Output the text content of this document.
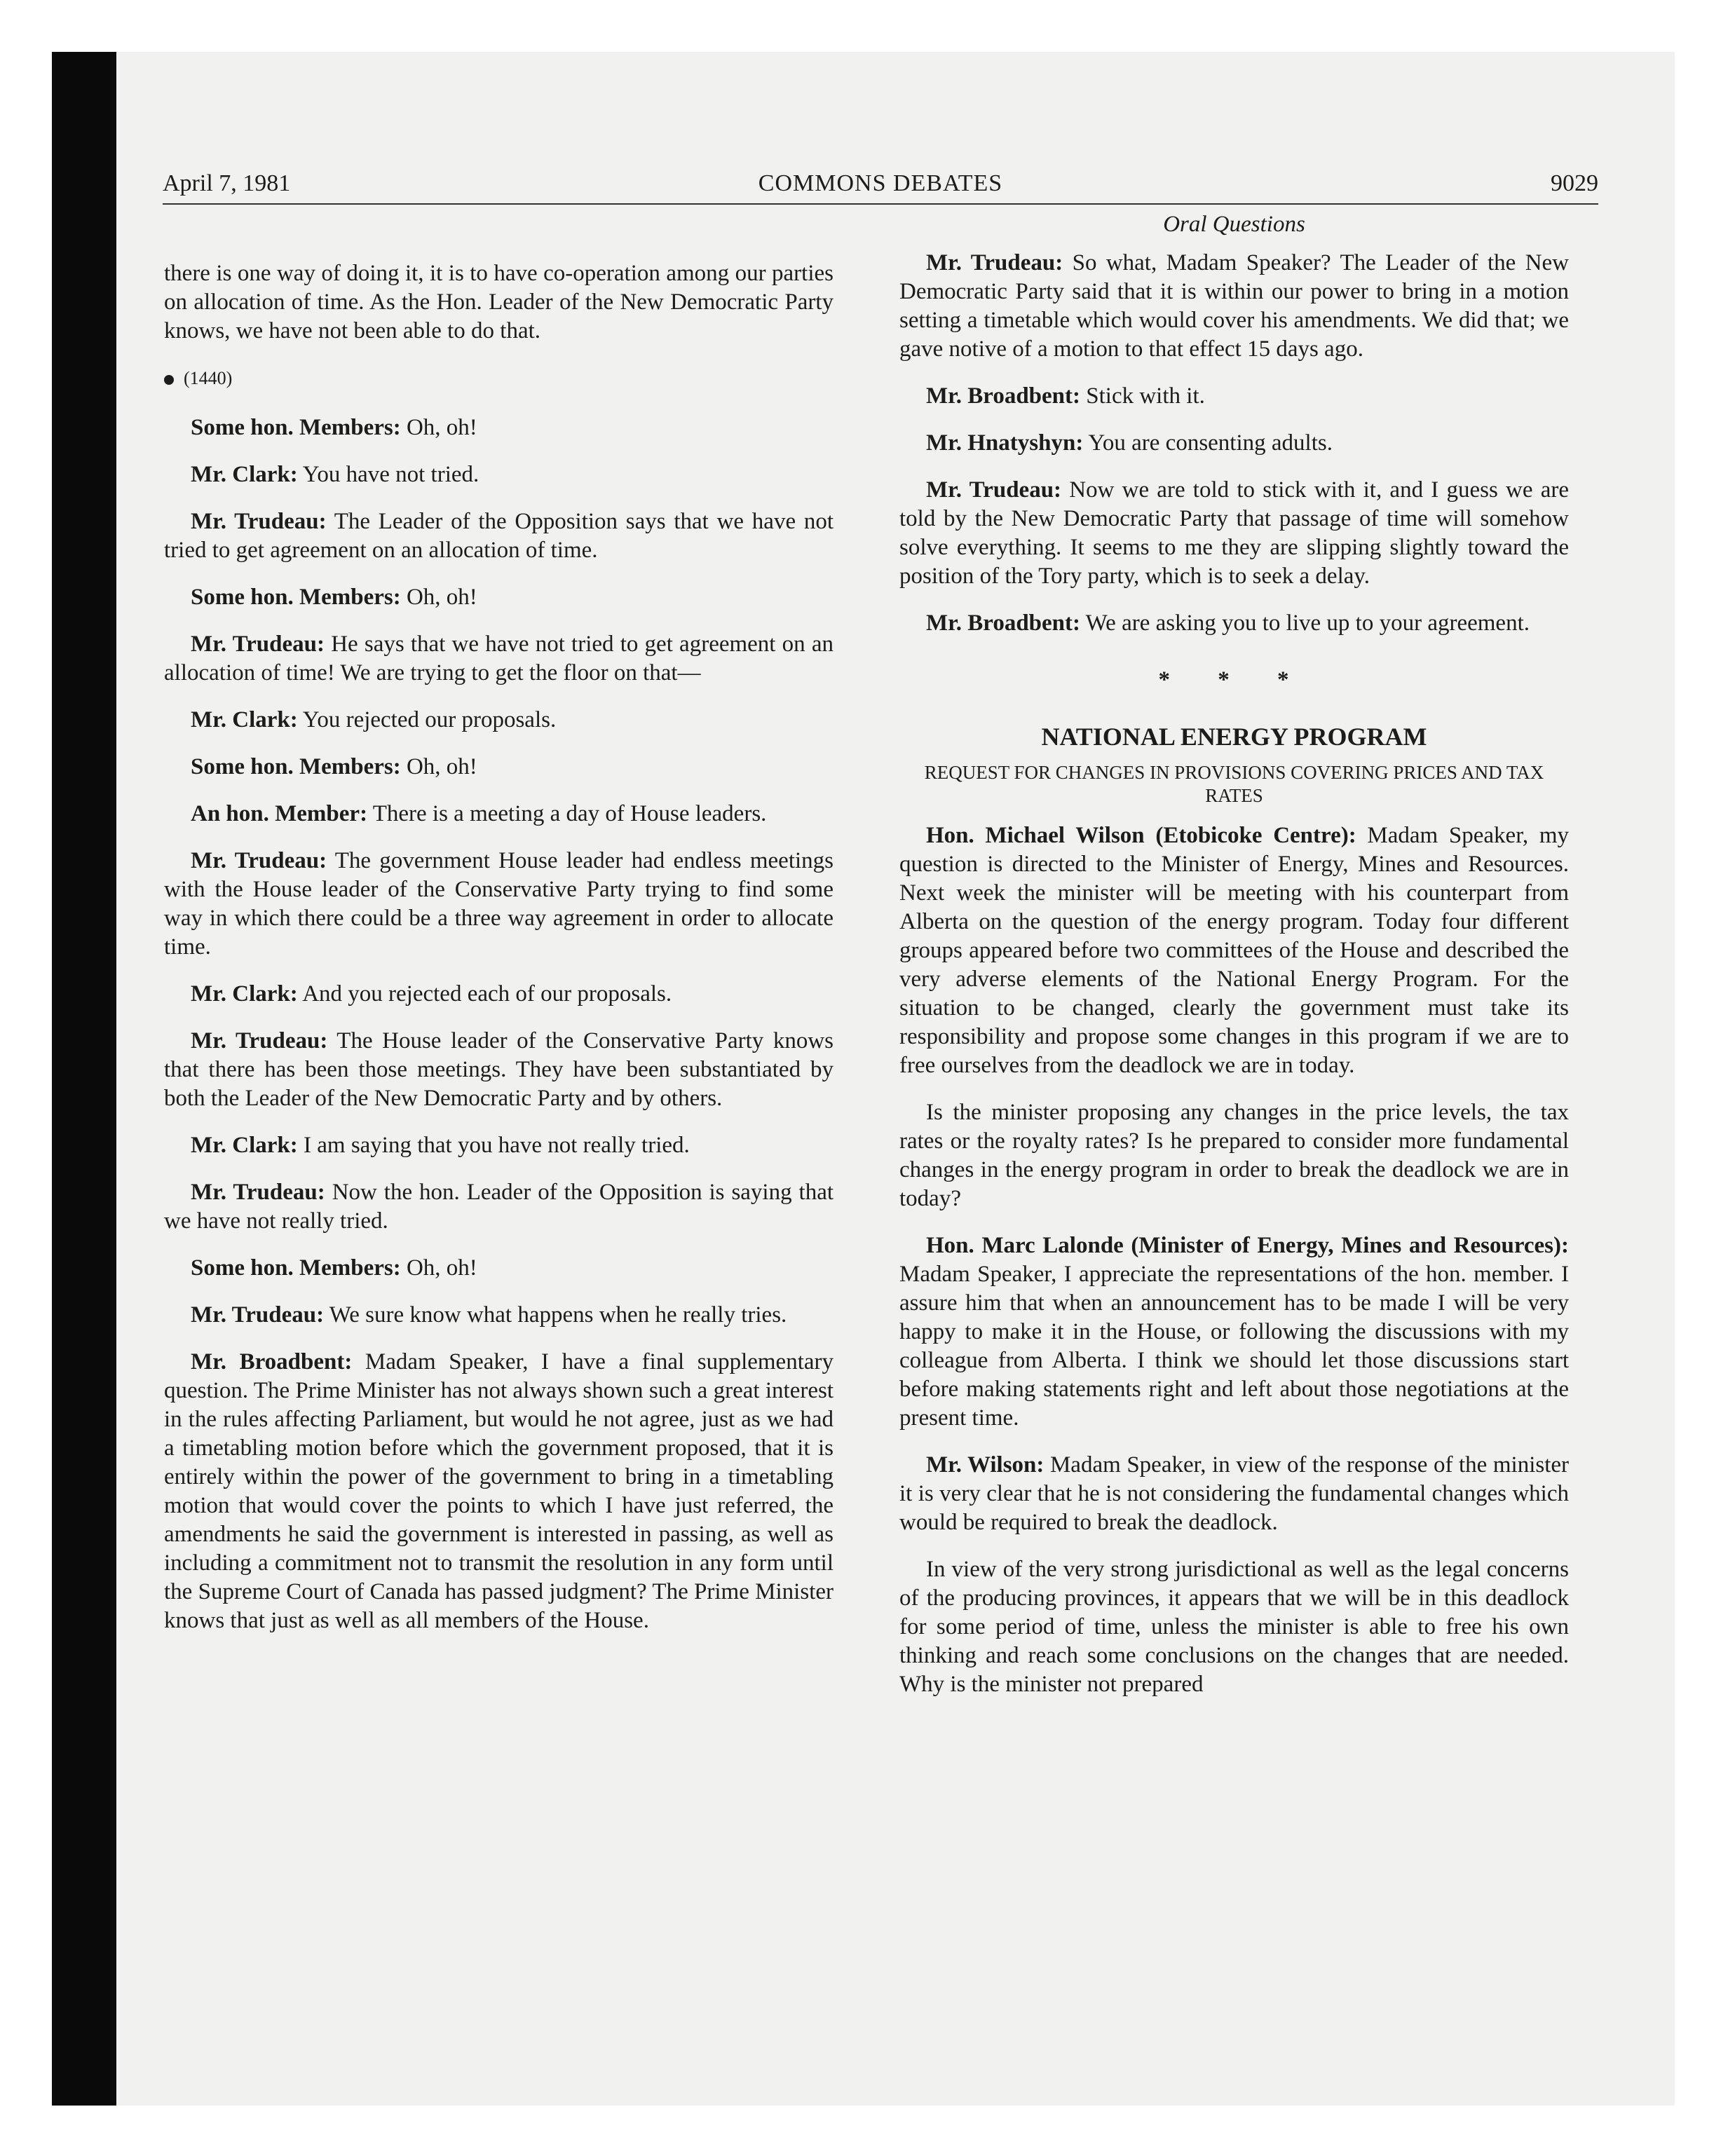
April 7, 1981	COMMONS DEBATES	9029

there is one way of doing it, it is to have co-operation among our parties on allocation of time. As the Hon. Leader of the New Democratic Party knows, we have not been able to do that.

(1440)

Some hon. Members: Oh, oh!

Mr. Clark: You have not tried.

Mr. Trudeau: The Leader of the Opposition says that we have not tried to get agreement on an allocation of time.

Some hon. Members: Oh, oh!

Mr. Trudeau: He says that we have not tried to get agreement on an allocation of time! We are trying to get the floor on that—

Mr. Clark: You rejected our proposals.

Some hon. Members: Oh, oh!

An hon. Member: There is a meeting a day of House leaders.

Mr. Trudeau: The government House leader had endless meetings with the House leader of the Conservative Party trying to find some way in which there could be a three way agreement in order to allocate time.

Mr. Clark: And you rejected each of our proposals.

Mr. Trudeau: The House leader of the Conservative Party knows that there has been those meetings. They have been substantiated by both the Leader of the New Democratic Party and by others.

Mr. Clark: I am saying that you have not really tried.

Mr. Trudeau: Now the hon. Leader of the Opposition is saying that we have not really tried.

Some hon. Members: Oh, oh!

Mr. Trudeau: We sure know what happens when he really tries.

Mr. Broadbent: Madam Speaker, I have a final supplementary question. The Prime Minister has not always shown such a great interest in the rules affecting Parliament, but would he not agree, just as we had a timetabling motion before which the government proposed, that it is entirely within the power of the government to bring in a timetabling motion that would cover the points to which I have just referred, the amendments he said the government is interested in passing, as well as including a commitment not to transmit the resolution in any form until the Supreme Court of Canada has passed judgment? The Prime Minister knows that just as well as all members of the House.

Oral Questions

Mr. Trudeau: So what, Madam Speaker? The Leader of the New Democratic Party said that it is within our power to bring in a motion setting a timetable which would cover his amendments. We did that; we gave notive of a motion to that effect 15 days ago.

Mr. Broadbent: Stick with it.

Mr. Hnatyshyn: You are consenting adults.

Mr. Trudeau: Now we are told to stick with it, and I guess we are told by the New Democratic Party that passage of time will somehow solve everything. It seems to me they are slipping slightly toward the position of the Tory party, which is to seek a delay.

Mr. Broadbent: We are asking you to live up to your agreement.

* * *
NATIONAL ENERGY PROGRAM
REQUEST FOR CHANGES IN PROVISIONS COVERING PRICES AND TAX RATES

Hon. Michael Wilson (Etobicoke Centre): Madam Speaker, my question is directed to the Minister of Energy, Mines and Resources. Next week the minister will be meeting with his counterpart from Alberta on the question of the energy program. Today four different groups appeared before two committees of the House and described the very adverse elements of the National Energy Program. For the situation to be changed, clearly the government must take its responsibility and propose some changes in this program if we are to free ourselves from the deadlock we are in today.

Is the minister proposing any changes in the price levels, the tax rates or the royalty rates? Is he prepared to consider more fundamental changes in the energy program in order to break the deadlock we are in today?

Hon. Marc Lalonde (Minister of Energy, Mines and Resources): Madam Speaker, I appreciate the representations of the hon. member. I assure him that when an announcement has to be made I will be very happy to make it in the House, or following the discussions with my colleague from Alberta. I think we should let those discussions start before making statements right and left about those negotiations at the present time.

Mr. Wilson: Madam Speaker, in view of the response of the minister it is very clear that he is not considering the fundamental changes which would be required to break the deadlock.

In view of the very strong jurisdictional as well as the legal concerns of the producing provinces, it appears that we will be in this deadlock for some period of time, unless the minister is able to free his own thinking and reach some conclusions on the changes that are needed. Why is the minister not prepared
